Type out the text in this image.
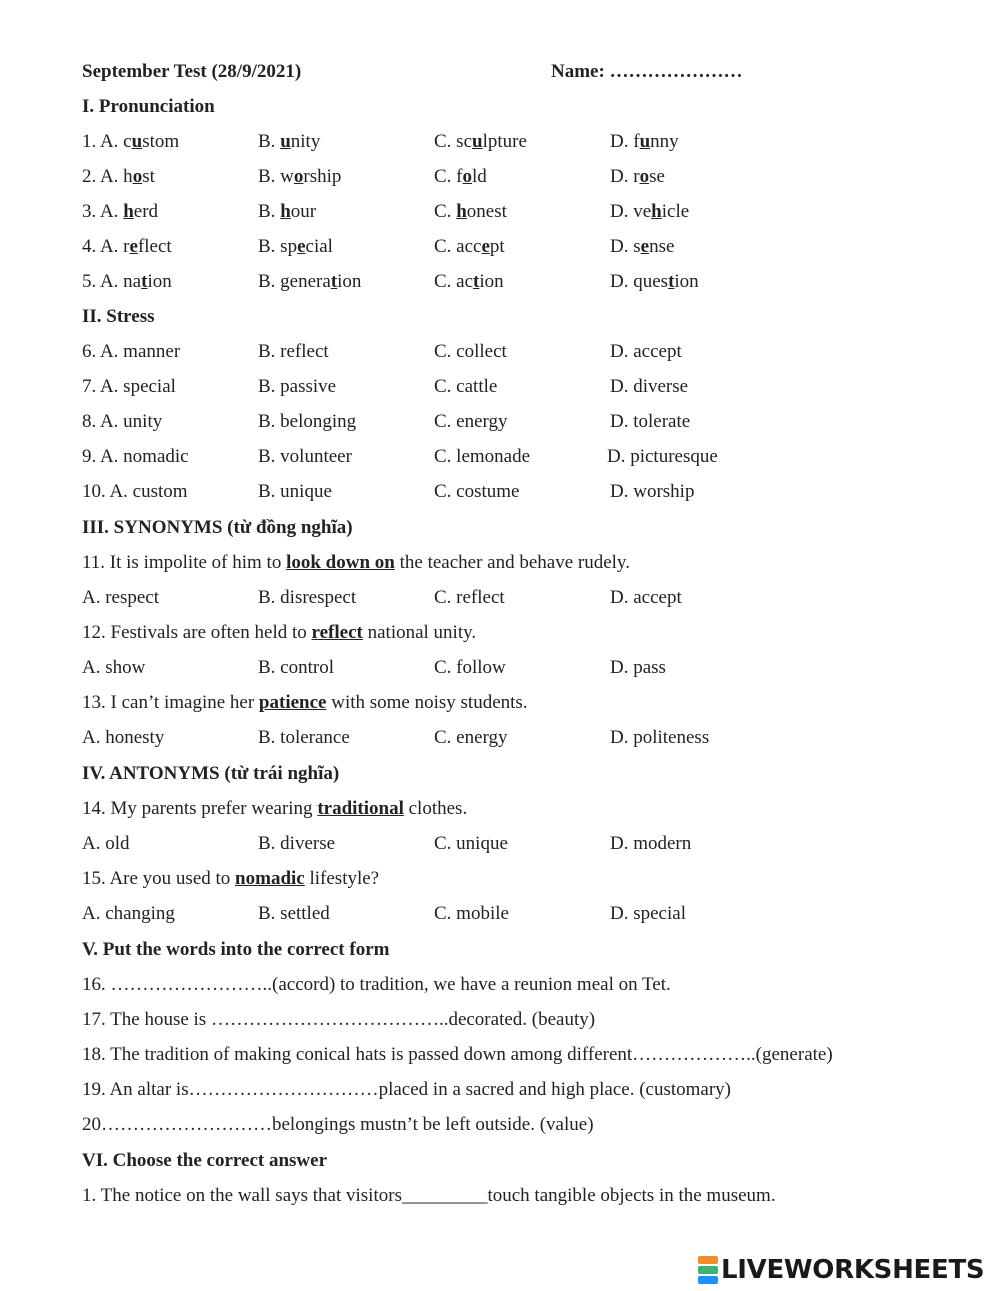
September Test (28/9/2021)	Name: …………………
I. Pronunciation
1. A. custom	B. unity	C. sculpture	D. funny
2. A. host	B. worship	C. fold	D. rose
3. A. herd	B. hour	C. honest	D. vehicle
4. A. reflect	B. special	C. accept	D. sense
5. A. nation	B. generation	C. action	D. question
II. Stress
6. A. manner	B. reflect	C. collect	D. accept
7. A. special	B. passive	C. cattle	D. diverse
8. A. unity	B. belonging	C. energy	D. tolerate
9. A. nomadic	B. volunteer	C. lemonade	D. picturesque
10. A. custom	B. unique	C. costume	D. worship
III. SYNONYMS (từ đồng nghĩa)
11. It is impolite of him to look down on the teacher and behave rudely.
A. respect	B. disrespect	C. reflect	D. accept
12. Festivals are often held to reflect national unity.
A. show	B. control	C. follow	D. pass
13. I can’t imagine her patience with some noisy students.
A. honesty	B. tolerance	C. energy	D. politeness
IV. ANTONYMS (từ trái nghĩa)
14. My parents prefer wearing traditional clothes.
A. old	B. diverse	C. unique	D. modern
15. Are you used to nomadic lifestyle?
A. changing	B. settled	C. mobile	D. special
V. Put the words into the correct form
16. ……………………..(accord) to tradition, we have a reunion meal on Tet.
17. The house is ………………………………..decorated. (beauty)
18. The tradition of making conical hats is passed down among different………………..(generate)
19. An altar is…………………………placed in a sacred and high place. (customary)
20………………………belongings mustn’t be left outside. (value)
VI. Choose the correct answer
1. The notice on the wall says that visitors_________touch tangible objects in the museum.
LIVEWORKSHEETS
